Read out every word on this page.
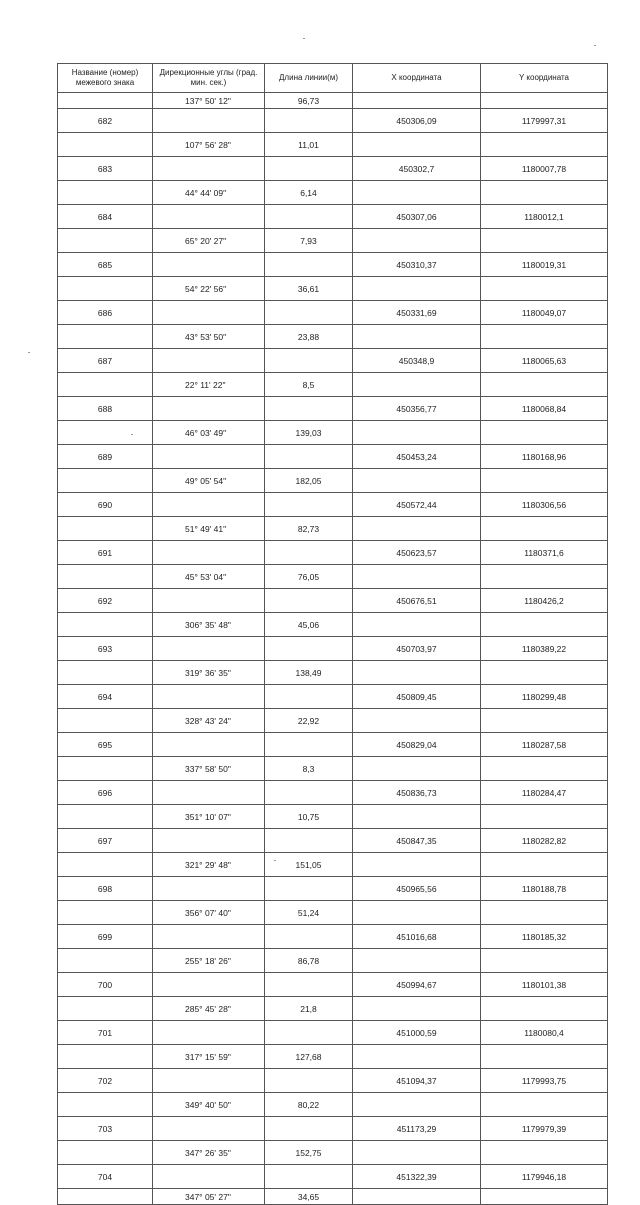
Название (номер) межевого знака	Дирекционные углы (град. мин. сек.)	Длина линии(м)	X координата	Y координата
	137° 50' 12"	96,73		
682			450306,09	1179997,31
	107° 56' 28"	11,01		
683			450302,7	1180007,78
	44° 44' 09"	6,14		
684			450307,06	1180012,1
	65° 20' 27"	7,93		
685			450310,37	1180019,31
	54° 22' 56"	36,61		
686			450331,69	1180049,07
	43° 53' 50"	23,88		
687			450348,9	1180065,63
	22° 11' 22"	8,5		
688			450356,77	1180068,84
	46° 03' 49"	139,03		
689			450453,24	1180168,96
	49° 05' 54"	182,05		
690			450572,44	1180306,56
	51° 49' 41"	82,73		
691			450623,57	1180371,6
	45° 53' 04"	76,05		
692			450676,51	1180426,2
	306° 35' 48"	45,06		
693			450703,97	1180389,22
	319° 36' 35"	138,49		
694			450809,45	1180299,48
	328° 43' 24"	22,92		
695			450829,04	1180287,58
	337° 58' 50"	8,3		
696			450836,73	1180284,47
	351° 10' 07"	10,75		
697			450847,35	1180282,82
	321° 29' 48"	151,05		
698			450965,56	1180188,78
	356° 07' 40"	51,24		
699			451016,68	1180185,32
	255° 18' 26"	86,78		
700			450994,67	1180101,38
	285° 45' 28"	21,8		
701			451000,59	1180080,4
	317° 15' 59"	127,68		
702			451094,37	1179993,75
	349° 40' 50"	80,22		
703			451173,29	1179979,39
	347° 26' 35"	152,75		
704			451322,39	1179946,18
	347° 05' 27"	34,65		
